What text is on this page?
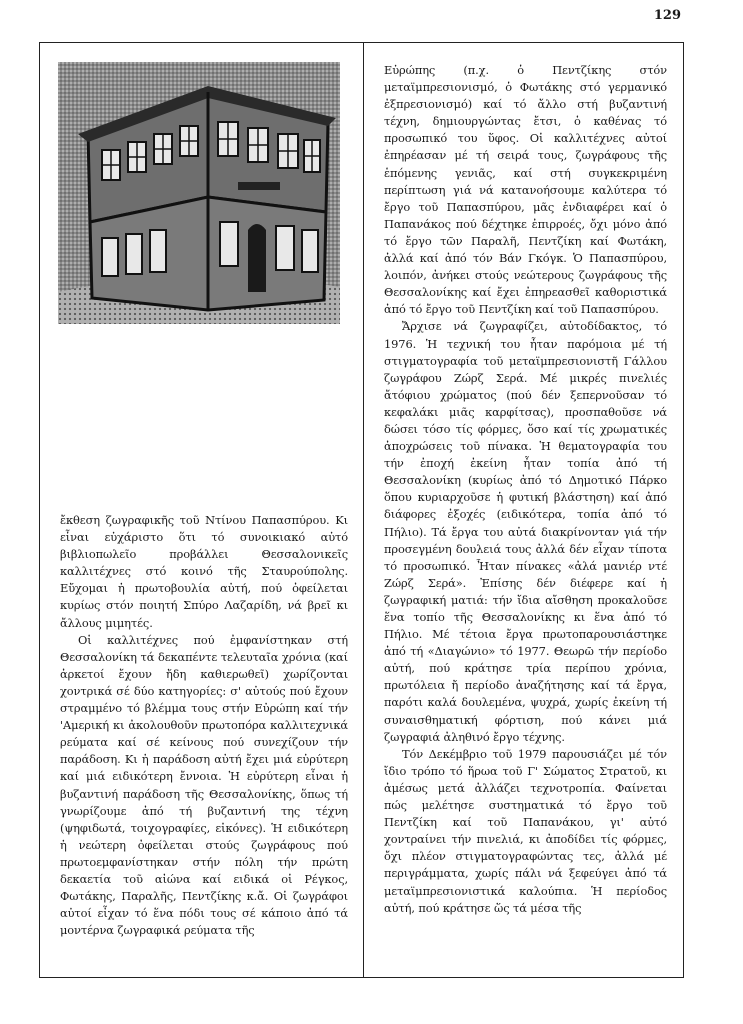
129

ἔκθεση ζωγραφικῆς τοῦ Ντίνου Παπασπύρου. Κι εἶναι εὐχάριστο ὅτι τό συνοικιακό αὐτό βιβλιοπωλεῖο προβάλλει Θεσσαλονικεῖς καλλιτέχνες στό κοινό τῆς Σταυρούπολης. Εὔχομαι ἡ πρωτοβουλία αὐτή, πού ὀφείλεται κυρίως στόν ποιητή Σπύρο Λαζαρίδη, νά βρεῖ κι ἄλλους μιμητές.

Οἱ καλλιτέχνες πού ἐμφανίστηκαν στή Θεσσαλονίκη τά δεκαπέντε τελευταῖα χρόνια (καί ἀρκετοί ἔχουν ἤδη καθιερωθεῖ) χωρίζονται χοντρικά σέ δύο κατηγορίες: σ' αὐτούς πού ἔχουν στραμμένο τό βλέμμα τους στήν Εὐρώπη καί τήν 'Αμερική κι ἀκολουθοῦν πρωτοπόρα καλλιτεχνικά ρεύματα καί σέ κείνους πού συνεχίζουν τήν παράδοση. Κι ἡ παράδοση αὐτή ἔχει μιά εὐρύτερη καί μιά ειδικότερη ἔννοια. Ἡ εὐρύτερη εἶναι ἡ βυζαντινή παράδοση τῆς Θεσσαλονίκης, ὅπως τή γνωρίζουμε ἀπό τή βυζαντινή της τέχνη (ψηφιδωτά, τοιχογραφίες, εἰκόνες). Ἡ ειδικότερη ἡ νεώτερη ὀφείλεται στούς ζωγράφους πού πρωτοεμφανίστηκαν στήν πόλη τήν πρώτη δεκαετία τοῦ αἰώνα καί ειδικά οἱ Ρέγκος, Φωτάκης, Παραλῆς, Πεντζίκης κ.ἄ. Οἱ ζωγράφοι αὐτοί εἶχαν τό ἕνα πόδι τους σέ κάποιο ἀπό τά μοντέρνα ζωγραφικά ρεύματα τῆς

Εὐρώπης (π.χ. ὁ Πεντζίκης στόν μεταϊμπρεσιονισμό, ὁ Φωτάκης στό γερμανικό ἐξπρεσιονισμό) καί τό ἄλλο στή βυζαντινή τέχνη, δημιουργώντας ἔτσι, ὁ καθένας τό προσωπικό του ὕφος. Οἱ καλλιτέχνες αὐτοί ἐπηρέασαν μέ τή σειρά τους, ζωγράφους τῆς ἑπόμενης γενιᾶς, καί στή συγκεκριμένη περίπτωση γιά νά κατανοήσουμε καλύτερα τό ἔργο τοῦ Παπασπύρου, μᾶς ἐνδιαφέρει καί ὁ Παπανάκος πού δέχτηκε ἐπιρροές, ὄχι μόνο ἀπό τό ἔργο τῶν Παραλῆ, Πεντζίκη καί Φωτάκη, ἀλλά καί ἀπό τόν Βάν Γκόγκ. Ὁ Παπασπύρου, λοιπόν, ἀνήκει στούς νεώτερους ζωγράφους τῆς Θεσσαλονίκης καί ἔχει ἐπηρεασθεῖ καθοριστικά ἀπό τό ἔργο τοῦ Πεντζίκη καί τοῦ Παπασπύρου.

Ἄρχισε νά ζωγραφίζει, αὐτοδίδακτος, τό 1976. Ἡ τεχνική του ἦταν παρόμοια μέ τή στιγματογραφία τοῦ μεταϊμπρεσιονιστῆ Γάλλου ζωγράφου Ζώρζ Σερά. Μέ μικρές πινελιές ἄτόφιου χρώματος (πού δέν ξεπερνοῦσαν τό κεφαλάκι μιᾶς καρφίτσας), προσπαθοῦσε νά δώσει τόσο τίς φόρμες, ὅσο καί τίς χρωματικές ἀποχρώσεις τοῦ πίνακα. Ἡ θεματογραφία του τήν ἐποχή ἐκείνη ἦταν τοπία ἀπό τή Θεσσαλονίκη (κυρίως ἀπό τό Δημοτικό Πάρκο ὅπου κυριαρχοῦσε ἡ φυτική βλάστηση) καί ἀπό διάφορες ἐξοχές (ειδικότερα, τοπία ἀπό τό Πήλιο). Τά ἔργα του αὐτά διακρίνονταν γιά τήν προσεγμένη δουλειά τους ἀλλά δέν εἶχαν τίποτα τό προσωπικό. Ἦταν πίνακες «ἀλά μανιέρ ντέ Ζώρζ Σερά». Ἐπίσης δέν διέφερε καί ἡ ζωγραφική ματιά: τήν ἴδια αἴσθηση προκαλοῦσε ἕνα τοπίο τῆς Θεσσαλονίκης κι ἕνα ἀπό τό Πήλιο. Μέ τέτοια ἔργα πρωτοπαρουσιάστηκε ἀπό τή «Διαγώνιο» τό 1977. Θεωρῶ τήν περίοδο αὐτή, πού κράτησε τρία περίπου χρόνια, πρωτόλεια ἤ περίοδο ἀναζήτησης καί τά ἔργα, παρότι καλά δουλεμένα, ψυχρά, χωρίς ἐκείνη τή συναισθηματική φόρτιση, πού κάνει μιά ζωγραφιά ἀληθινό ἔργο τέχνης.

Τόν Δεκέμβριο τοῦ 1979 παρουσιάζει μέ τόν ἴδιο τρόπο τό ἥρωα τοῦ Γ' Σώματος Στρατοῦ, κι ἀμέσως μετά ἀλλάζει τεχνοτροπία. Φαίνεται πώς μελέτησε συστηματικά τό ἔργο τοῦ Πεντζίκη καί τοῦ Παπανάκου, γι' αὐτό χοντραίνει τήν πινελιά, κι ἀποδίδει τίς φόρμες, ὄχι πλέον στιγματογραφώντας τες, ἀλλά μέ περιγράμματα, χωρίς πάλι νά ξεφεύγει ἀπό τά μεταϊμπρεσιονιστικά καλούπια. Ἡ περίοδος αὐτή, πού κράτησε ὥς τά μέσα τῆς
